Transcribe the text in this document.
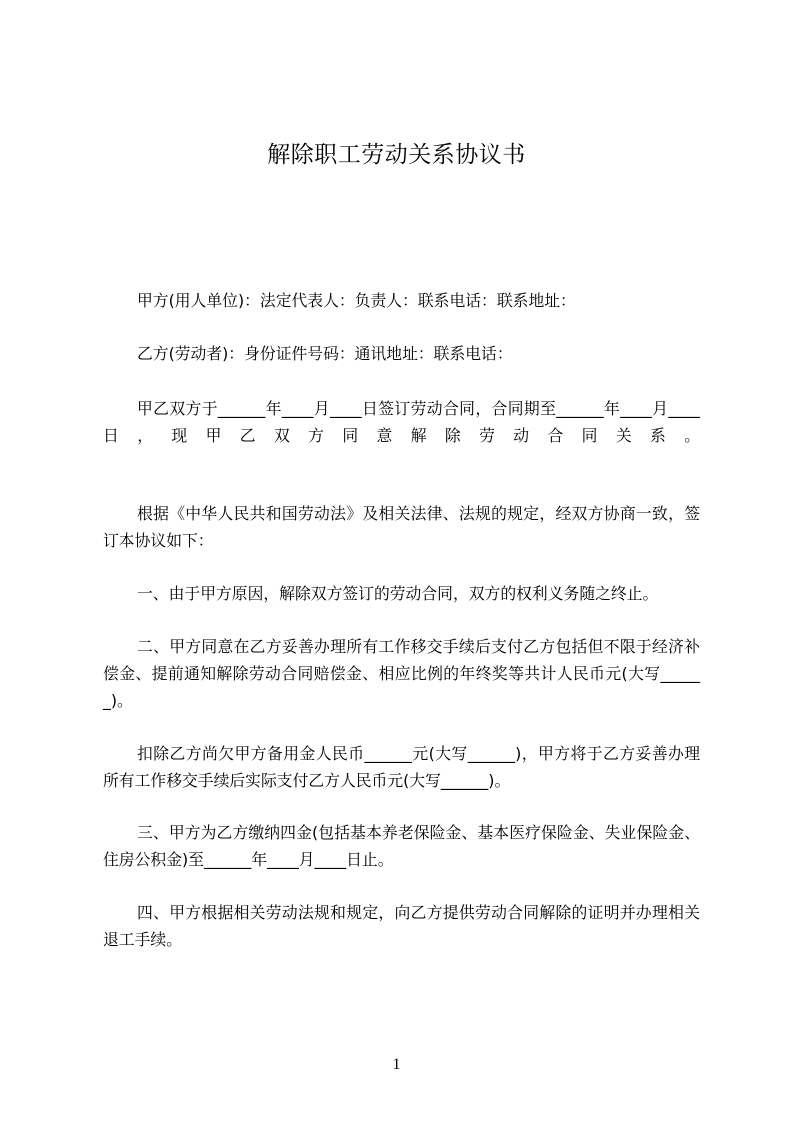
解除职工劳动关系协议书
甲方(用人单位)：法定代表人：负责人：联系电话：联系地址：
乙方(劳动者)：身份证件号码：通讯地址：联系电话：
甲乙双方于______年____月____日签订劳动合同，合同期至______年____月____
日，现甲乙双方同意解除劳动合同关系。
根据《中华人民共和国劳动法》及相关法律、法规的规定，经双方协商一致，签
订本协议如下：
一、由于甲方原因，解除双方签订的劳动合同，双方的权利义务随之终止。
二、甲方同意在乙方妥善办理所有工作移交手续后支付乙方包括但不限于经济补
偿金、提前通知解除劳动合同赔偿金、相应比例的年终奖等共计人民币元(大写_____
_)。
扣除乙方尚欠甲方备用金人民币______元(大写______)，甲方将于乙方妥善办理
所有工作移交手续后实际支付乙方人民币元(大写______)。
三、甲方为乙方缴纳四金(包括基本养老保险金、基本医疗保险金、失业保险金、
住房公积金)至______年____月____日止。
四、甲方根据相关劳动法规和规定，向乙方提供劳动合同解除的证明并办理相关
退工手续。
1
